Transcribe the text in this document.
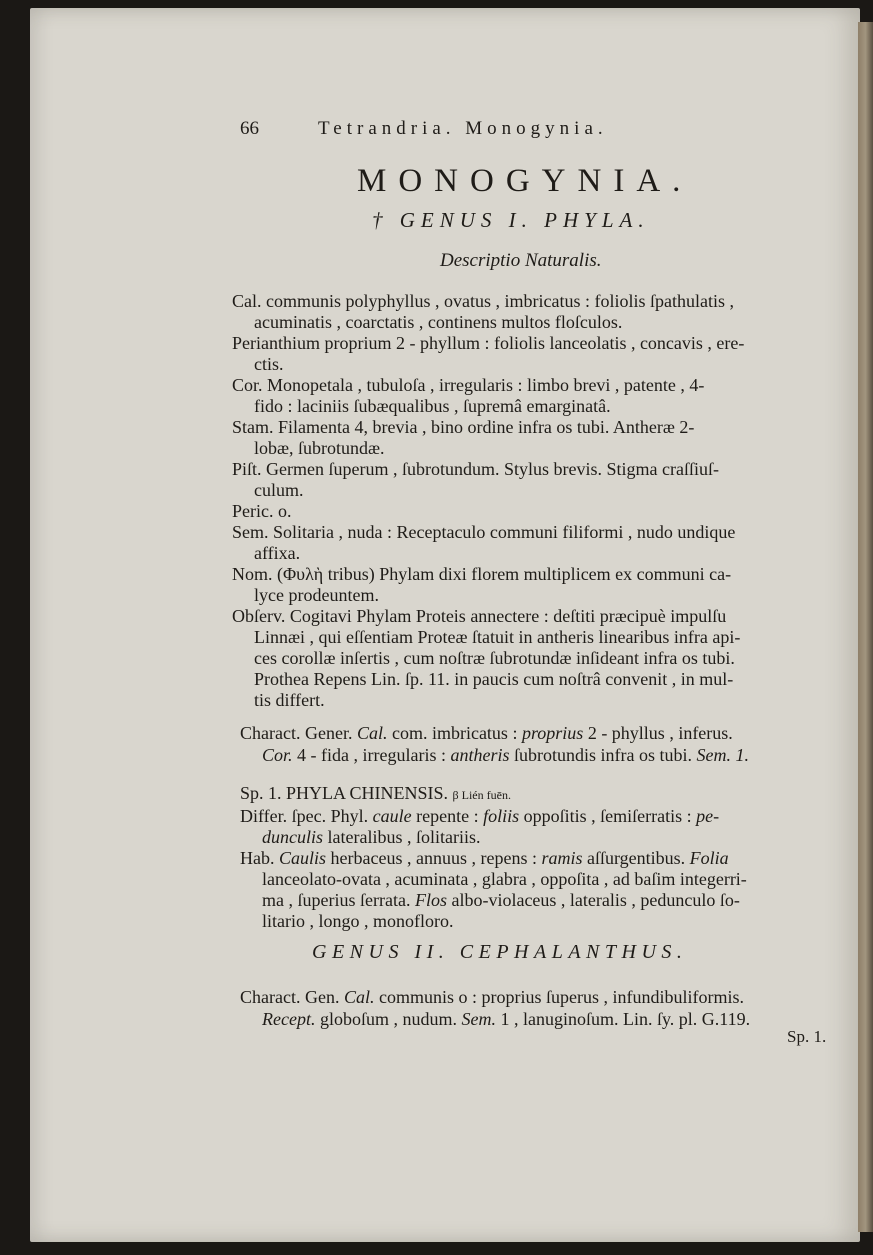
66	Tetrandria. Monogynia.
MONOGYNIA.
† GENUS I. PHYLA.
Descriptio Naturalis.
Cal. communis polyphyllus , ovatus , imbricatus : foliolis ſpathulatis ,
acuminatis , coarctatis , continens multos floſculos.
Perianthium proprium 2 - phyllum : foliolis lanceolatis , concavis , ere-
ctis.
Cor. Monopetala , tubuloſa , irregularis : limbo brevi , patente , 4-
fido : laciniis ſubæqualibus , ſupremâ emarginatâ.
Stam. Filamenta 4, brevia , bino ordine infra os tubi. Antheræ 2-
lobæ, ſubrotundæ.
Piſt. Germen ſuperum , ſubrotundum. Stylus brevis. Stigma craſſiuſ-
culum.
Peric. o.
Sem. Solitaria , nuda : Receptaculo communi filiformi , nudo undique
affixa.
Nom. (Φυλὴ tribus) Phylam dixi florem multiplicem ex communi ca-
lyce prodeuntem.
Obſerv. Cogitavi Phylam Proteis annectere : deſtiti præcipuè impulſu
Linnæi , qui eſſentiam Proteæ ſtatuit in antheris linearibus infra api-
ces corollæ inſertis , cum noſtræ ſubrotundæ inſideant infra os tubi.
Prothea Repens Lin. ſp. 11. in paucis cum noſtrâ convenit , in mul-
tis differt.
Charact. Gener. Cal. com. imbricatus : proprius 2 - phyllus , inferus.
Cor. 4 - fida , irregularis : antheris ſubrotundis infra os tubi. Sem. 1.
Sp. 1. PHYLA CHINENSIS. β Lién fuēn.
Differ. ſpec. Phyl. caule repente : foliis oppoſitis , ſemiſerratis : pe-
dunculis lateralibus , ſolitariis.
Hab. Caulis herbaceus , annuus , repens : ramis aſſurgentibus. Folia
lanceolato-ovata , acuminata , glabra , oppoſita , ad baſim integerri-
ma , ſuperius ſerrata. Flos albo-violaceus , lateralis , pedunculo ſo-
litario , longo , monofloro.
GENUS II. CEPHALANTHUS.
Charact. Gen. Cal. communis o : proprius ſuperus , infundibuliformis.
Recept. globoſum , nudum. Sem. 1 , lanuginoſum. Lin. ſy. pl. G.119.
Sp. 1.
